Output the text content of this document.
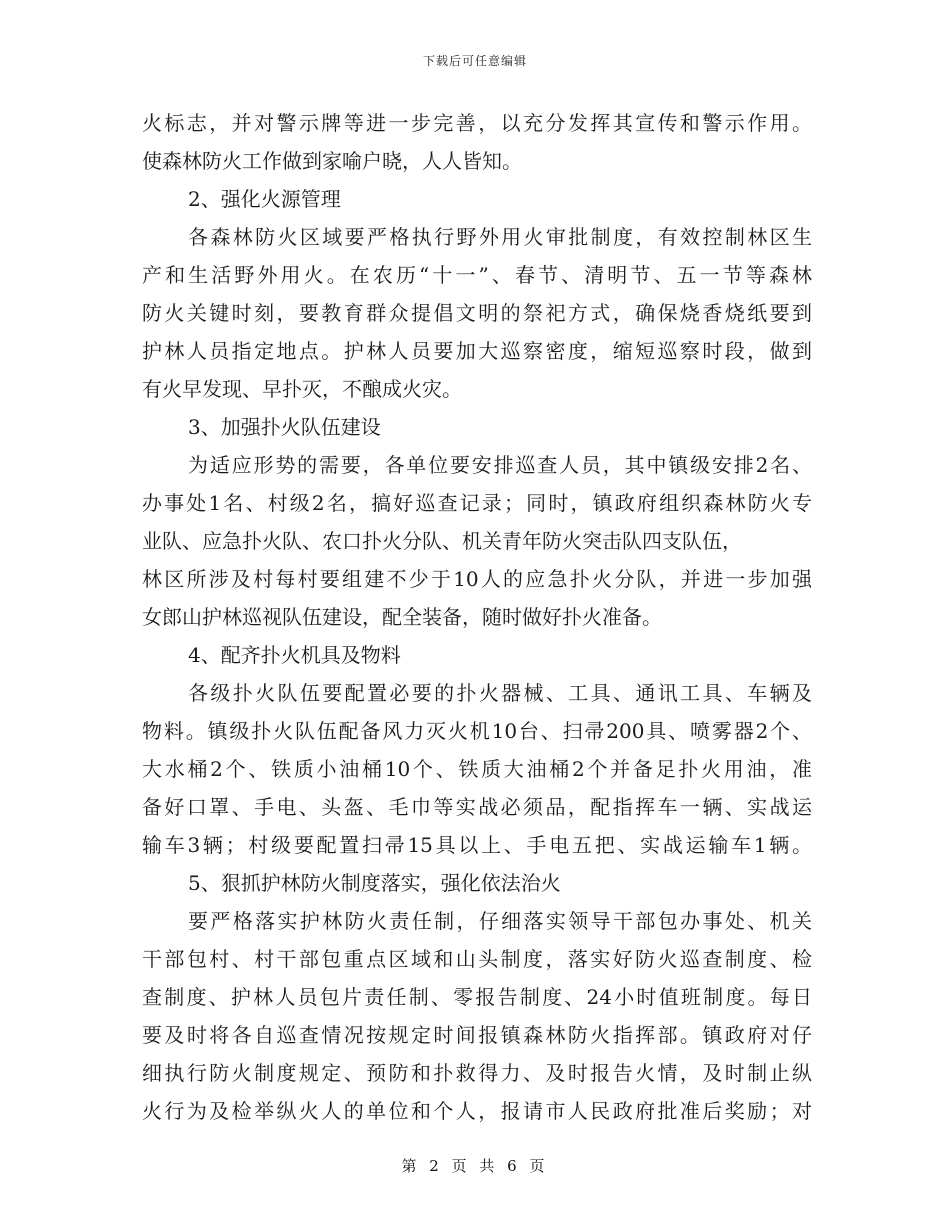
下载后可任意编辑
火标志，并对警示牌等进一步完善，以充分发挥其宣传和警示作用。
使森林防火工作做到家喻户晓，人人皆知。
2、强化火源管理
各森林防火区域要严格执行野外用火审批制度，有效控制林区生
产和生活野外用火。在农历“十一”、春节、清明节、五一节等森林
防火关键时刻，要教育群众提倡文明的祭祀方式，确保烧香烧纸要到
护林人员指定地点。护林人员要加大巡察密度，缩短巡察时段，做到
有火早发现、早扑灭，不酿成火灾。
3、加强扑火队伍建设
为适应形势的需要，各单位要安排巡查人员，其中镇级安排2名、
办事处1名、村级2名，搞好巡查记录；同时，镇政府组织森林防火专
业队、应急扑火队、农口扑火分队、机关青年防火突击队四支队伍，
林区所涉及村每村要组建不少于10人的应急扑火分队，并进一步加强
女郎山护林巡视队伍建设，配全装备，随时做好扑火准备。
4、配齐扑火机具及物料
各级扑火队伍要配置必要的扑火器械、工具、通讯工具、车辆及
物料。镇级扑火队伍配备风力灭火机10台、扫帚200具、喷雾器2个、
大水桶2个、铁质小油桶10个、铁质大油桶2个并备足扑火用油，准
备好口罩、手电、头盔、毛巾等实战必须品，配指挥车一辆、实战运
输车3辆；村级要配置扫帚15具以上、手电五把、实战运输车1辆。
5、狠抓护林防火制度落实，强化依法治火
要严格落实护林防火责任制，仔细落实领导干部包办事处、机关
干部包村、村干部包重点区域和山头制度，落实好防火巡查制度、检
查制度、护林人员包片责任制、零报告制度、24小时值班制度。每日
要及时将各自巡查情况按规定时间报镇森林防火指挥部。镇政府对仔
细执行防火制度规定、预防和扑救得力、及时报告火情，及时制止纵
火行为及检举纵火人的单位和个人，报请市人民政府批准后奖励；对
第 2 页 共 6 页
